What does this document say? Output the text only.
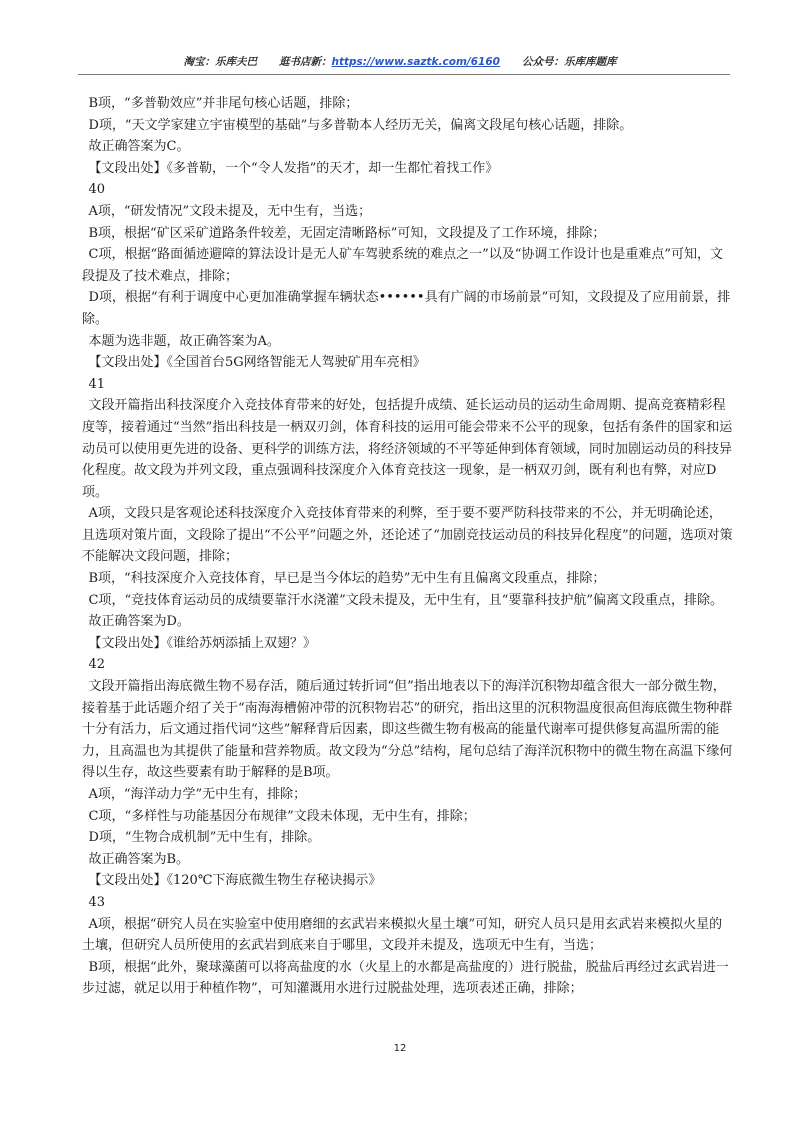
淘宝：乐库夫巴 逛书店新：https://www.saztk.com/6160 公众号：乐库库题库

B项，“多普勒效应”并非尾句核心话题，排除；

D项，“天文学家建立宇宙模型的基础”与多普勒本人经历无关，偏离文段尾句核心话题，排除。

故正确答案为C。

【文段出处】《多普勒，一个“令人发指”的天才，却一生都忙着找工作》

40

A项，“研发情况”文段未提及，无中生有，当选；

B项，根据“矿区采矿道路条件较差，无固定清晰路标”可知，文段提及了工作环境，排除；

C项，根据“路面循迹避障的算法设计是无人矿车驾驶系统的难点之一”以及“协调工作设计也是重难点”可知，文段提及了技术难点，排除；

D项，根据“有利于调度中心更加准确掌握车辆状态••••••具有广阔的市场前景”可知，文段提及了应用前景，排除。

本题为选非题，故正确答案为A。

【文段出处】《全国首台5G网络智能无人驾驶矿用车亮相》

41

文段开篇指出科技深度介入竞技体育带来的好处，包括提升成绩、延长运动员的运动生命周期、提高竞赛精彩程度等，接着通过“当然”指出科技是一柄双刃剑，体育科技的运用可能会带来不公平的现象，包括有条件的国家和运动员可以使用更先进的设备、更科学的训练方法，将经济领域的不平等延伸到体育领域，同时加剧运动员的科技异化程度。故文段为并列文段，重点强调科技深度介入体育竞技这一现象，是一柄双刃剑，既有利也有弊，对应D项。

A项，文段只是客观论述科技深度介入竞技体育带来的利弊，至于要不要严防科技带来的不公，并无明确论述，且选项对策片面，文段除了提出“不公平”问题之外，还论述了“加剧竞技运动员的科技异化程度”的问题，选项对策不能解决文段问题，排除；

B项，“科技深度介入竞技体育，早已是当今体坛的趋势”无中生有且偏离文段重点，排除；

C项，“竞技体育运动员的成绩要靠汗水浇灌”文段未提及，无中生有，且“要靠科技护航”偏离文段重点，排除。

故正确答案为D。

【文段出处】《谁给苏炳添插上双翅？》

42

文段开篇指出海底微生物不易存活，随后通过转折词“但”指出地表以下的海洋沉积物却蕴含很大一部分微生物，接着基于此话题介绍了关于“南海海槽俯冲带的沉积物岩芯”的研究，指出这里的沉积物温度很高但海底微生物种群十分有活力，后文通过指代词“这些”解释背后因素，即这些微生物有极高的能量代谢率可提供修复高温所需的能力，且高温也为其提供了能量和营养物质。故文段为“分总”结构，尾句总结了海洋沉积物中的微生物在高温下缘何得以生存，故这些要素有助于解释的是B项。

A项，“海洋动力学”无中生有，排除；

C项，“多样性与功能基因分布规律”文段未体现，无中生有，排除；

D项，“生物合成机制”无中生有，排除。

故正确答案为B。

【文段出处】《120℃下海底微生物生存秘诀揭示》

43

A项，根据“研究人员在实验室中使用磨细的玄武岩来模拟火星土壤”可知，研究人员只是用玄武岩来模拟火星的土壤，但研究人员所使用的玄武岩到底来自于哪里，文段并未提及，选项无中生有，当选；

B项，根据“此外，聚球藻菌可以将高盐度的水（火星上的水都是高盐度的）进行脱盐，脱盐后再经过玄武岩进一步过滤，就足以用于种植作物”，可知灌溉用水进行过脱盐处理，选项表述正确，排除；

12
